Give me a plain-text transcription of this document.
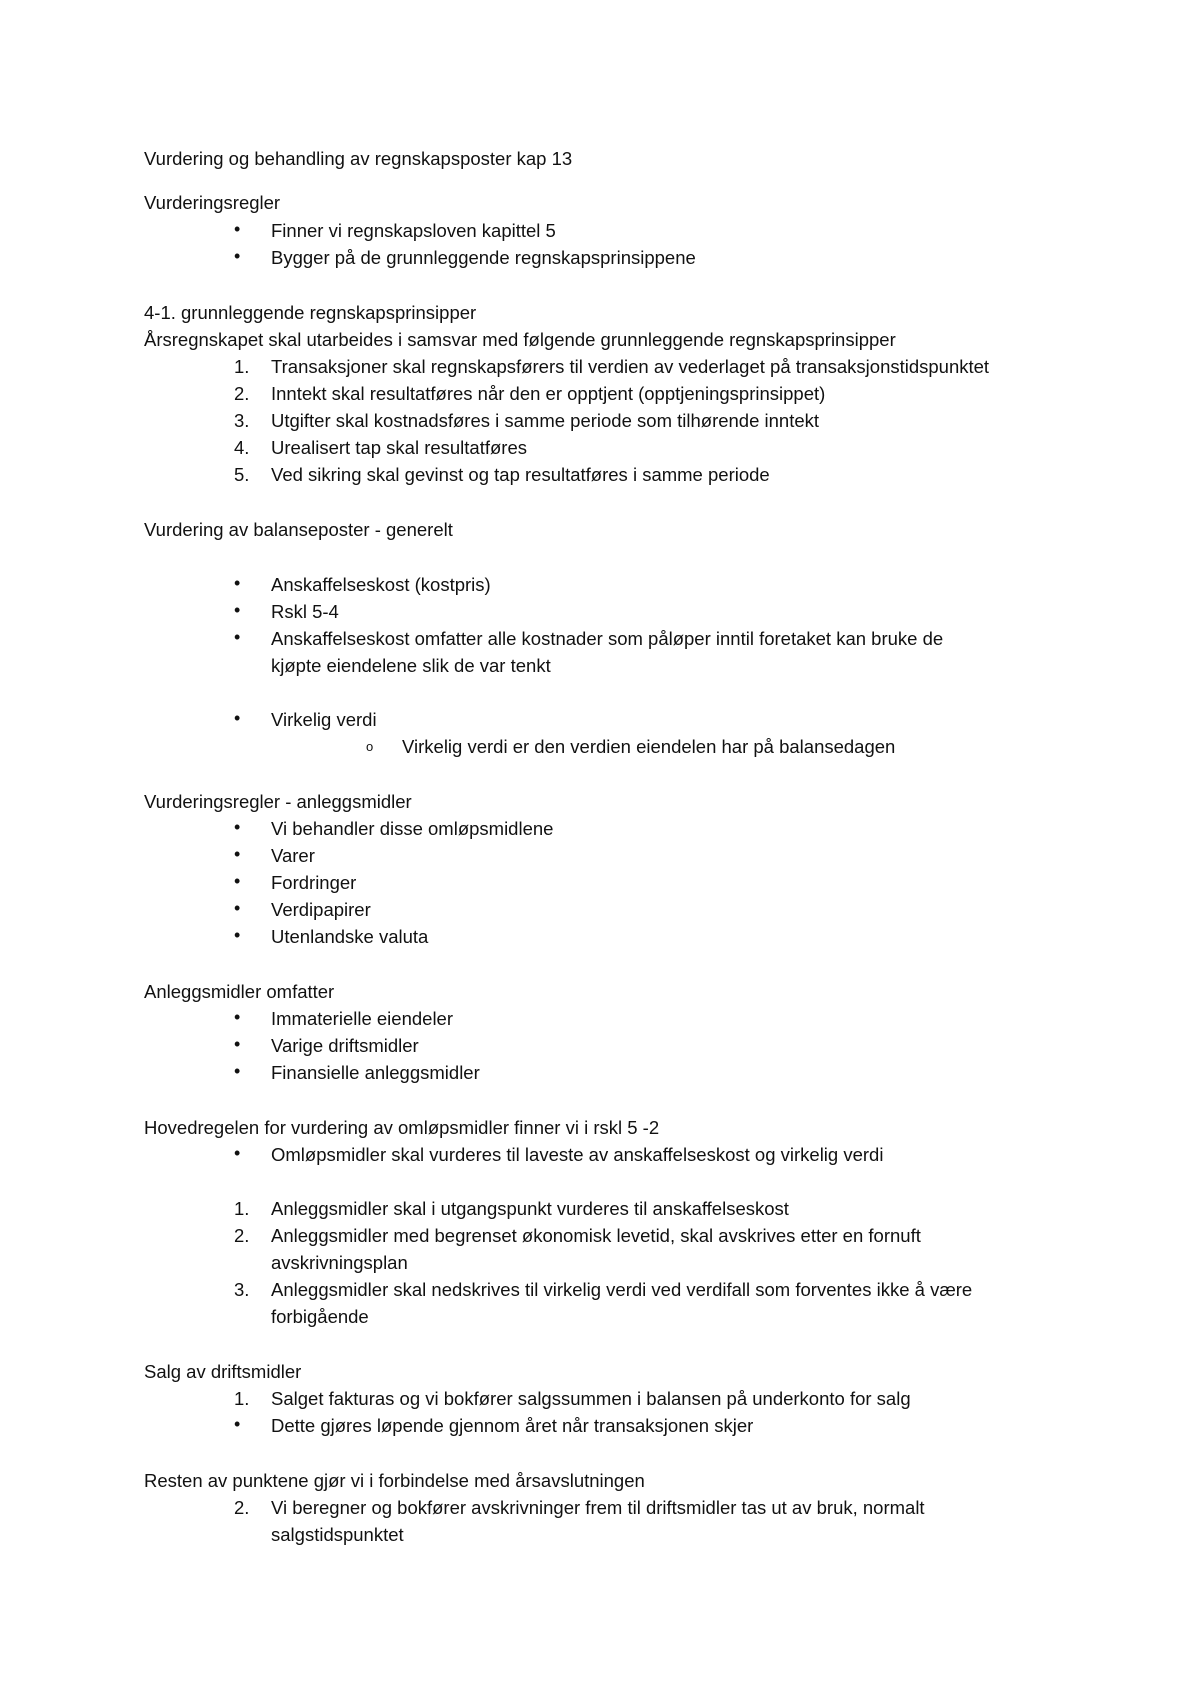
Vurdering og behandling av regnskapsposter kap 13
Vurderingsregler
• Finner vi regnskapsloven kapittel 5
• Bygger på de grunnleggende regnskapsprinsippene
4-1. grunnleggende regnskapsprinsipper
Årsregnskapet skal utarbeides i samsvar med følgende grunnleggende regnskapsprinsipper
1.	Transaksjoner skal regnskapsførers til verdien av vederlaget på transaksjonstidspunktet
2.	Inntekt skal resultatføres når den er opptjent (opptjeningsprinsippet)
3.	Utgifter skal kostnadsføres i samme periode som tilhørende inntekt
4.	Urealisert tap skal resultatføres
5.	Ved sikring skal gevinst og tap resultatføres i samme periode
Vurdering av balanseposter - generelt
• Anskaffelseskost (kostpris)
• Rskl 5-4
• Anskaffelseskost omfatter alle kostnader som påløper inntil foretaket kan bruke de
kjøpte eiendelene slik de var tenkt
• Virkelig verdi
o Virkelig verdi er den verdien eiendelen har på balansedagen
Vurderingsregler - anleggsmidler
• Vi behandler disse omløpsmidlene
• Varer
• Fordringer
• Verdipapirer
• Utenlandske valuta
Anleggsmidler omfatter
• Immaterielle eiendeler
• Varige driftsmidler
• Finansielle anleggsmidler
Hovedregelen for vurdering av omløpsmidler finner vi i rskl 5 -2
• Omløpsmidler skal vurderes til laveste av anskaffelseskost og virkelig verdi
1.	Anleggsmidler skal i utgangspunkt vurderes til anskaffelseskost
2.	Anleggsmidler med begrenset økonomisk levetid, skal avskrives etter en fornuft
avskrivningsplan
3.	Anleggsmidler skal nedskrives til virkelig verdi ved verdifall som forventes ikke å være
forbigående
Salg av driftsmidler
1.	Salget fakturas og vi bokfører salgssummen i balansen på underkonto for salg
• Dette gjøres løpende gjennom året når transaksjonen skjer
Resten av punktene gjør vi i forbindelse med årsavslutningen
2.	Vi beregner og bokfører avskrivninger frem til driftsmidler tas ut av bruk, normalt
salgstidspunktet
